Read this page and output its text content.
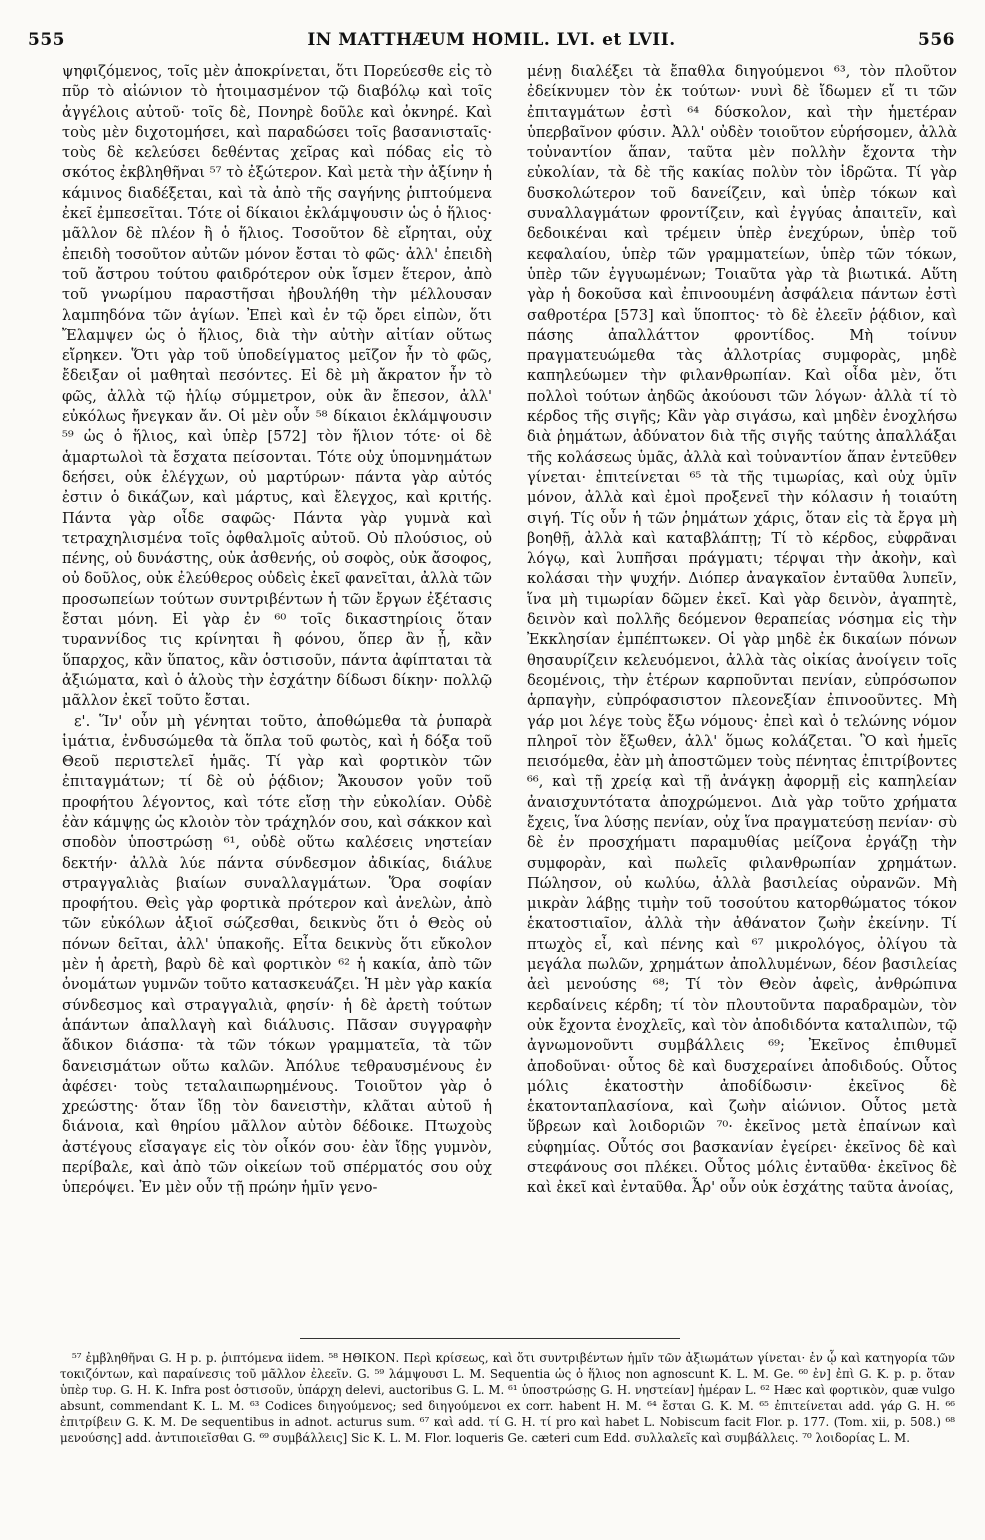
555	IN MATTHÆUM HOMIL. LVI. et LVII.	556

ψηφιζόμενος, τοῖς μὲν ἀποκρίνεται, ὅτι Πορεύεσθε εἰς τὸ πῦρ τὸ αἰώνιον τὸ ἡτοιμασμένον τῷ διαβόλῳ καὶ τοῖς ἀγγέλοις αὐτοῦ· τοῖς δὲ, Πονηρὲ δοῦλε καὶ ὀκνηρέ. Καὶ τοὺς μὲν διχοτομήσει, καὶ παραδώσει τοῖς βασανισταῖς· τοὺς δὲ κελεύσει δεθέντας χεῖρας καὶ πόδας εἰς τὸ σκότος ἐκβληθῆναι ⁵⁷ τὸ ἐξώτερον. Καὶ μετὰ τὴν ἀξίνην ἡ κάμινος διαδέξεται, καὶ τὰ ἀπὸ τῆς σαγήνης ῥιπτούμενα ἐκεῖ ἐμπεσεῖται. Τότε οἱ δίκαιοι ἐκλάμψουσιν ὡς ὁ ἥλιος· μᾶλλον δὲ πλέον ἢ ὁ ἥλιος. Τοσοῦτον δὲ εἴρηται, οὐχ ἐπειδὴ τοσοῦτον αὐτῶν μόνον ἔσται τὸ φῶς· ἀλλ' ἐπειδὴ τοῦ ἄστρου τούτου φαιδρότερον οὐκ ἴσμεν ἕτερον, ἀπὸ τοῦ γνωρίμου παραστῆσαι ἠβουλήθη τὴν μέλλουσαν λαμπηδόνα τῶν ἁγίων. Ἐπεὶ καὶ ἐν τῷ ὄρει εἰπὼν, ὅτι Ἔλαμψεν ὡς ὁ ἥλιος, διὰ τὴν αὐτὴν αἰτίαν οὕτως εἴρηκεν. Ὅτι γὰρ τοῦ ὑποδείγματος μεῖζον ἦν τὸ φῶς, ἔδειξαν οἱ μαθηταὶ πεσόντες. Εἰ δὲ μὴ ἄκρατον ἦν τὸ φῶς, ἀλλὰ τῷ ἡλίῳ σύμμετρον, οὐκ ἂν ἔπεσον, ἀλλ' εὐκόλως ἤνεγκαν ἄν. Οἱ μὲν οὖν ⁵⁸ δίκαιοι ἐκλάμψουσιν ⁵⁹ ὡς ὁ ἥλιος, καὶ ὑπὲρ [572] τὸν ἥλιον τότε· οἱ δὲ ἁμαρτωλοὶ τὰ ἔσχατα πείσονται. Τότε οὐχ ὑπομνημάτων δεήσει, οὐκ ἐλέγχων, οὐ μαρτύρων· πάντα γὰρ αὐτός ἐστιν ὁ δικάζων, καὶ μάρτυς, καὶ ἔλεγχος, καὶ κριτής. Πάντα γὰρ οἶδε σαφῶς· Πάντα γὰρ γυμνὰ καὶ τετραχηλισμένα τοῖς ὀφθαλμοῖς αὐτοῦ. Οὐ πλούσιος, οὐ πένης, οὐ δυνάστης, οὐκ ἀσθενής, οὐ σοφὸς, οὐκ ἄσοφος, οὐ δοῦλος, οὐκ ἐλεύθερος οὐδεὶς ἐκεῖ φανεῖται, ἀλλὰ τῶν προσωπείων τούτων συντριβέντων ἡ τῶν ἔργων ἐξέτασις ἔσται μόνη. Εἰ γὰρ ἐν ⁶⁰ τοῖς δικαστηρίοις ὅταν τυραννίδος τις κρίνηται ἢ φόνου, ὅπερ ἂν ᾖ, κἂν ὕπαρχος, κἂν ὕπατος, κἂν ὁστισοῦν, πάντα ἀφίπταται τὰ ἀξιώματα, καὶ ὁ ἁλοὺς τὴν ἐσχάτην δίδωσι δίκην· πολλῷ μᾶλλον ἐκεῖ τοῦτο ἔσται.

ε'. Ἵν' οὖν μὴ γένηται τοῦτο, ἀποθώμεθα τὰ ῥυπαρὰ ἱμάτια, ἐνδυσώμεθα τὰ ὅπλα τοῦ φωτὸς, καὶ ἡ δόξα τοῦ Θεοῦ περιστελεῖ ἡμᾶς. Τί γὰρ καὶ φορτικὸν τῶν ἐπιταγμάτων; τί δὲ οὐ ῥᾴδιον; Ἄκουσον γοῦν τοῦ προφήτου λέγοντος, καὶ τότε εἴσῃ τὴν εὐκολίαν. Οὐδὲ ἐὰν κάμψῃς ὡς κλοιὸν τὸν τράχηλόν σου, καὶ σάκκον καὶ σποδὸν ὑποστρώσῃ ⁶¹, οὐδὲ οὕτω καλέσεις νηστείαν δεκτήν· ἀλλὰ λύε πάντα σύνδεσμον ἀδικίας, διάλυε στραγγαλιὰς βιαίων συναλλαγμάτων. Ὅρα σοφίαν προφήτου. Θεὶς γὰρ φορτικὰ πρότερον καὶ ἀνελὼν, ἀπὸ τῶν εὐκόλων ἀξιοῖ σώζεσθαι, δεικνὺς ὅτι ὁ Θεὸς οὐ πόνων δεῖται, ἀλλ' ὑπακοῆς. Εἶτα δεικνὺς ὅτι εὔκολον μὲν ἡ ἀρετὴ, βαρὺ δὲ καὶ φορτικὸν ⁶² ἡ κακία, ἀπὸ τῶν ὀνομάτων γυμνῶν τοῦτο κατασκευάζει. Ἡ μὲν γὰρ κακία σύνδεσμος καὶ στραγγαλιὰ, φησίν· ἡ δὲ ἀρετὴ τούτων ἁπάντων ἀπαλλαγὴ καὶ διάλυσις. Πᾶσαν συγγραφὴν ἄδικον διάσπα· τὰ τῶν τόκων γραμματεῖα, τὰ τῶν δανεισμάτων οὕτω καλῶν. Ἀπόλυε τεθραυσμένους ἐν ἀφέσει· τοὺς τεταλαιπωρημένους. Τοιοῦτον γὰρ ὁ χρεώστης· ὅταν ἴδῃ τὸν δανειστὴν, κλᾶται αὐτοῦ ἡ διάνοια, καὶ θηρίου μᾶλλον αὐτὸν δέδοικε. Πτωχοὺς ἀστέγους εἴσαγαγε εἰς τὸν οἶκόν σου· ἐὰν ἴδῃς γυμνὸν, περίβαλε, καὶ ἀπὸ τῶν οἰκείων τοῦ σπέρματός σου οὐχ ὑπερόψει. Ἐν μὲν οὖν τῇ πρώην ἡμῖν γενο-

μένῃ διαλέξει τὰ ἔπαθλα διηγούμενοι ⁶³, τὸν πλοῦτον ἐδείκνυμεν τὸν ἐκ τούτων· νυνὶ δὲ ἴδωμεν εἴ τι τῶν ἐπιταγμάτων ἐστὶ ⁶⁴ δύσκολον, καὶ τὴν ἡμετέραν ὑπερβαῖνον φύσιν. Ἀλλ' οὐδὲν τοιοῦτον εὑρήσομεν, ἀλλὰ τοὐναντίον ἅπαν, ταῦτα μὲν πολλὴν ἔχοντα τὴν εὐκολίαν, τὰ δὲ τῆς κακίας πολὺν τὸν ἱδρῶτα. Τί γὰρ δυσκολώτερον τοῦ δανείζειν, καὶ ὑπὲρ τόκων καὶ συναλλαγμάτων φροντίζειν, καὶ ἐγγύας ἀπαιτεῖν, καὶ δεδοικέναι καὶ τρέμειν ὑπὲρ ἐνεχύρων, ὑπὲρ τοῦ κεφαλαίου, ὑπὲρ τῶν γραμματείων, ὑπὲρ τῶν τόκων, ὑπὲρ τῶν ἐγγυωμένων; Τοιαῦτα γὰρ τὰ βιωτικά. Αὕτη γὰρ ἡ δοκοῦσα καὶ ἐπινοουμένη ἀσφάλεια πάντων ἐστὶ σαθροτέρα [573] καὶ ὕποπτος· τὸ δὲ ἐλεεῖν ῥᾴδιον, καὶ πάσης ἀπαλλάττον φροντίδος. Μὴ τοίνυν πραγματευώμεθα τὰς ἀλλοτρίας συμφορὰς, μηδὲ καπηλεύωμεν τὴν φιλανθρωπίαν. Καὶ οἶδα μὲν, ὅτι πολλοὶ τούτων ἀηδῶς ἀκούουσι τῶν λόγων· ἀλλὰ τί τὸ κέρδος τῆς σιγῆς; Κἂν γὰρ σιγάσω, καὶ μηδὲν ἐνοχλήσω διὰ ῥημάτων, ἀδύνατον διὰ τῆς σιγῆς ταύτης ἀπαλλάξαι τῆς κολάσεως ὑμᾶς, ἀλλὰ καὶ τοὐναντίον ἅπαν ἐντεῦθεν γίνεται· ἐπιτείνεται ⁶⁵ τὰ τῆς τιμωρίας, καὶ οὐχ ὑμῖν μόνον, ἀλλὰ καὶ ἐμοὶ προξενεῖ τὴν κόλασιν ἡ τοιαύτη σιγή. Τίς οὖν ἡ τῶν ῥημάτων χάρις, ὅταν εἰς τὰ ἔργα μὴ βοηθῇ, ἀλλὰ καὶ καταβλάπτῃ; Τί τὸ κέρδος, εὐφρᾶναι λόγῳ, καὶ λυπῆσαι πράγματι; τέρψαι τὴν ἀκοὴν, καὶ κολάσαι τὴν ψυχήν. Διόπερ ἀναγκαῖον ἐνταῦθα λυπεῖν, ἵνα μὴ τιμωρίαν δῶμεν ἐκεῖ. Καὶ γὰρ δεινὸν, ἀγαπητὲ, δεινὸν καὶ πολλῆς δεόμενον θεραπείας νόσημα εἰς τὴν Ἐκκλησίαν ἐμπέπτωκεν. Οἱ γὰρ μηδὲ ἐκ δικαίων πόνων θησαυρίζειν κελευόμενοι, ἀλλὰ τὰς οἰκίας ἀνοίγειν τοῖς δεομένοις, τὴν ἑτέρων καρποῦνται πενίαν, εὐπρόσωπον ἁρπαγὴν, εὐπρόφασιστον πλεονεξίαν ἐπινοοῦντες. Μὴ γάρ μοι λέγε τοὺς ἔξω νόμους· ἐπεὶ καὶ ὁ τελώνης νόμον πληροῖ τὸν ἔξωθεν, ἀλλ' ὅμως κολάζεται. Ὃ καὶ ἡμεῖς πεισόμεθα, ἐὰν μὴ ἀποστῶμεν τοὺς πένητας ἐπιτρίβοντες ⁶⁶, καὶ τῇ χρείᾳ καὶ τῇ ἀνάγκῃ ἀφορμῇ εἰς καπηλείαν ἀναισχυντότατα ἀποχρώμενοι. Διὰ γὰρ τοῦτο χρήματα ἔχεις, ἵνα λύσῃς πενίαν, οὐχ ἵνα πραγματεύσῃ πενίαν· σὺ δὲ ἐν προσχήματι παραμυθίας μείζονα ἐργάζῃ τὴν συμφορὰν, καὶ πωλεῖς φιλανθρωπίαν χρημάτων. Πώλησον, οὐ κωλύω, ἀλλὰ βασιλείας οὐρανῶν. Μὴ μικρὰν λάβῃς τιμὴν τοῦ τοσούτου κατορθώματος τόκον ἑκατοστιαῖον, ἀλλὰ τὴν ἀθάνατον ζωὴν ἐκείνην. Τί πτωχὸς εἶ, καὶ πένης καὶ ⁶⁷ μικρολόγος, ὀλίγου τὰ μεγάλα πωλῶν, χρημάτων ἀπολλυμένων, δέον βασιλείας ἀεὶ μενούσης ⁶⁸; Τί τὸν Θεὸν ἀφεὶς, ἀνθρώπινα κερδαίνεις κέρδη; τί τὸν πλουτοῦντα παραδραμὼν, τὸν οὐκ ἔχοντα ἐνοχλεῖς, καὶ τὸν ἀποδιδόντα καταλιπὼν, τῷ ἀγνωμονοῦντι συμβάλλεις ⁶⁹; Ἐκεῖνος ἐπιθυμεῖ ἀποδοῦναι· οὗτος δὲ καὶ δυσχεραίνει ἀποδιδούς. Οὗτος μόλις ἑκατοστὴν ἀποδίδωσιν· ἐκεῖνος δὲ ἑκατονταπλασίονα, καὶ ζωὴν αἰώνιον. Οὗτος μετὰ ὕβρεων καὶ λοιδοριῶν ⁷⁰· ἐκεῖνος μετὰ ἐπαίνων καὶ εὐφημίας. Οὗτός σοι βασκανίαν ἐγείρει· ἐκεῖνος δὲ καὶ στεφάνους σοι πλέκει. Οὗτος μόλις ἐνταῦθα· ἐκεῖνος δὲ καὶ ἐκεῖ καὶ ἐνταῦθα. Ἆρ' οὖν οὐκ ἐσχάτης ταῦτα ἀνοίας,

⁵⁷ ἐμβληθῆναι G. H p. p. ῥιπτόμενα iidem. ⁵⁸ ΗΘΙΚΟΝ. Περὶ κρίσεως, καὶ ὅτι συντριβέντων ἡμῖν τῶν ἀξιωμάτων γίνεται· ἐν ᾧ καὶ κατηγορία τῶν τοκιζόντων, καὶ παραίνεσις τοῦ μᾶλλον ἐλεεῖν. G. ⁵⁹ λάμψουσι L. M. Sequentia ὡς ὁ ἥλιος non agnoscunt K. L. M. Ge. ⁶⁰ ἐν] ἐπὶ G. K. p. p. ὅταν ὑπὲρ τυρ. G. H. K. Infra post ὁστισοῦν, ὑπάρχη delevi, auctoribus G. L. M. ⁶¹ ὑποστρώσῃς G. H. νηστείαν] ἡμέραν L. ⁶² Hæc καὶ φορτικὸν, quæ vulgo absunt, commendant K. L. M. ⁶³ Codices διηγούμενος; sed διηγούμενοι ex corr. habent H. M. ⁶⁴ ἔσται G. K. M. ⁶⁵ ἐπιτείνεται add. γάρ G. H. ⁶⁶ ἐπιτρίβειν G. K. M. De sequentibus in adnot. acturus sum. ⁶⁷ καὶ add. τί G. H. τί pro καὶ habet L. Nobiscum facit Flor. p. 177. (Tom. xii, p. 508.) ⁶⁸ μενούσης] add. ἀντιποιεῖσθαι G. ⁶⁹ συμβάλλεις] Sic K. L. M. Flor. loqueris Ge. cæteri cum Edd. συλλαλεῖς καὶ συμβάλλεις. ⁷⁰ λοιδορίας L. M.
